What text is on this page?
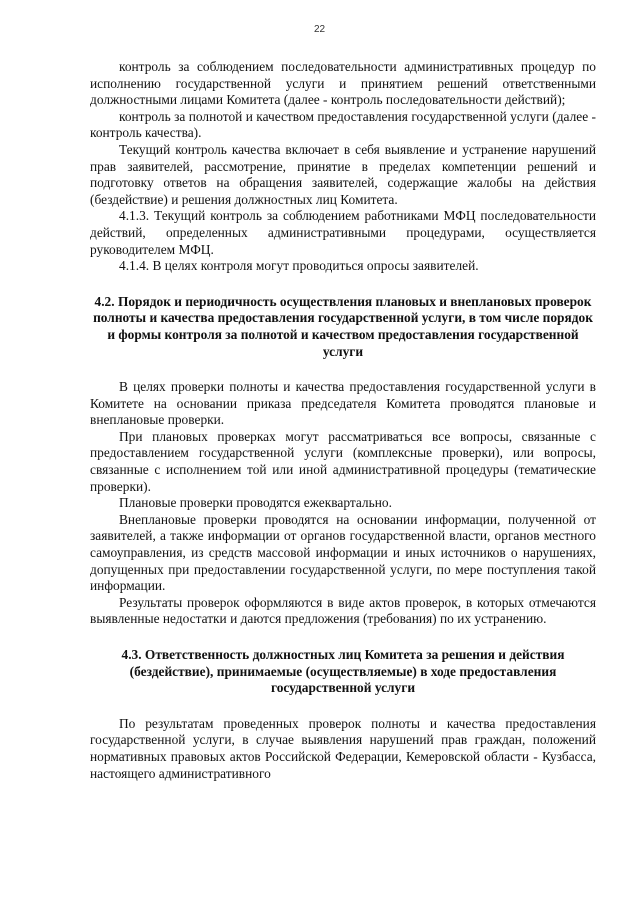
22

контроль за соблюдением последовательности административных процедур по исполнению государственной услуги и принятием решений ответственными должностными лицами Комитета (далее - контроль последовательности действий);

контроль за полнотой и качеством предоставления государственной услуги (далее - контроль качества).

Текущий контроль качества включает в себя выявление и устранение нарушений прав заявителей, рассмотрение, принятие в пределах компетенции решений и подготовку ответов на обращения заявителей, содержащие жалобы на действия (бездействие) и решения должностных лиц Комитета.

4.1.3. Текущий контроль за соблюдением работниками МФЦ последовательности действий, определенных административными процедурами, осуществляется руководителем МФЦ.

4.1.4. В целях контроля могут проводиться опросы заявителей.

4.2. Порядок и периодичность осуществления плановых и внеплановых проверок полноты и качества предоставления государственной услуги, в том числе порядок и формы контроля за полнотой и качеством предоставления государственной услуги

В целях проверки полноты и качества предоставления государственной услуги в Комитете на основании приказа председателя Комитета проводятся плановые и внеплановые проверки.

При плановых проверках могут рассматриваться все вопросы, связанные с предоставлением государственной услуги (комплексные проверки), или вопросы, связанные с исполнением той или иной административной процедуры (тематические проверки).

Плановые проверки проводятся ежеквартально.

Внеплановые проверки проводятся на основании информации, полученной от заявителей, а также информации от органов государственной власти, органов местного самоуправления, из средств массовой информации и иных источников о нарушениях, допущенных при предоставлении государственной услуги, по мере поступления такой информации.

Результаты проверок оформляются в виде актов проверок, в которых отмечаются выявленные недостатки и даются предложения (требования) по их устранению.

4.3. Ответственность должностных лиц Комитета за решения и действия (бездействие), принимаемые (осуществляемые) в ходе предоставления государственной услуги

По результатам проведенных проверок полноты и качества предоставления государственной услуги, в случае выявления нарушений прав граждан, положений нормативных правовых актов Российской Федерации, Кемеровской области - Кузбасса, настоящего административного
